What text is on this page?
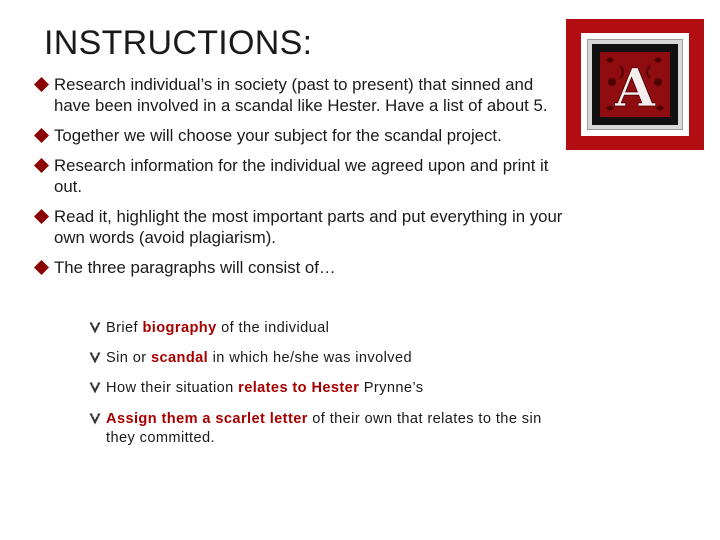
INSTRUCTIONS:
Research individual’s in society (past to present) that sinned and have been involved in a scandal like Hester. Have a list of about 5.
Together we will choose your subject for the scandal project.
Research information for the individual we agreed upon and print it out.
Read it, highlight the most important parts and put everything in your own words (avoid plagiarism).
The three paragraphs will consist of…
Brief biography of the individual
Sin or scandal in which he/she was involved
How their situation relates to Hester Prynne’s
Assign them a scarlet letter of their own that relates to the sin they committed.
A
